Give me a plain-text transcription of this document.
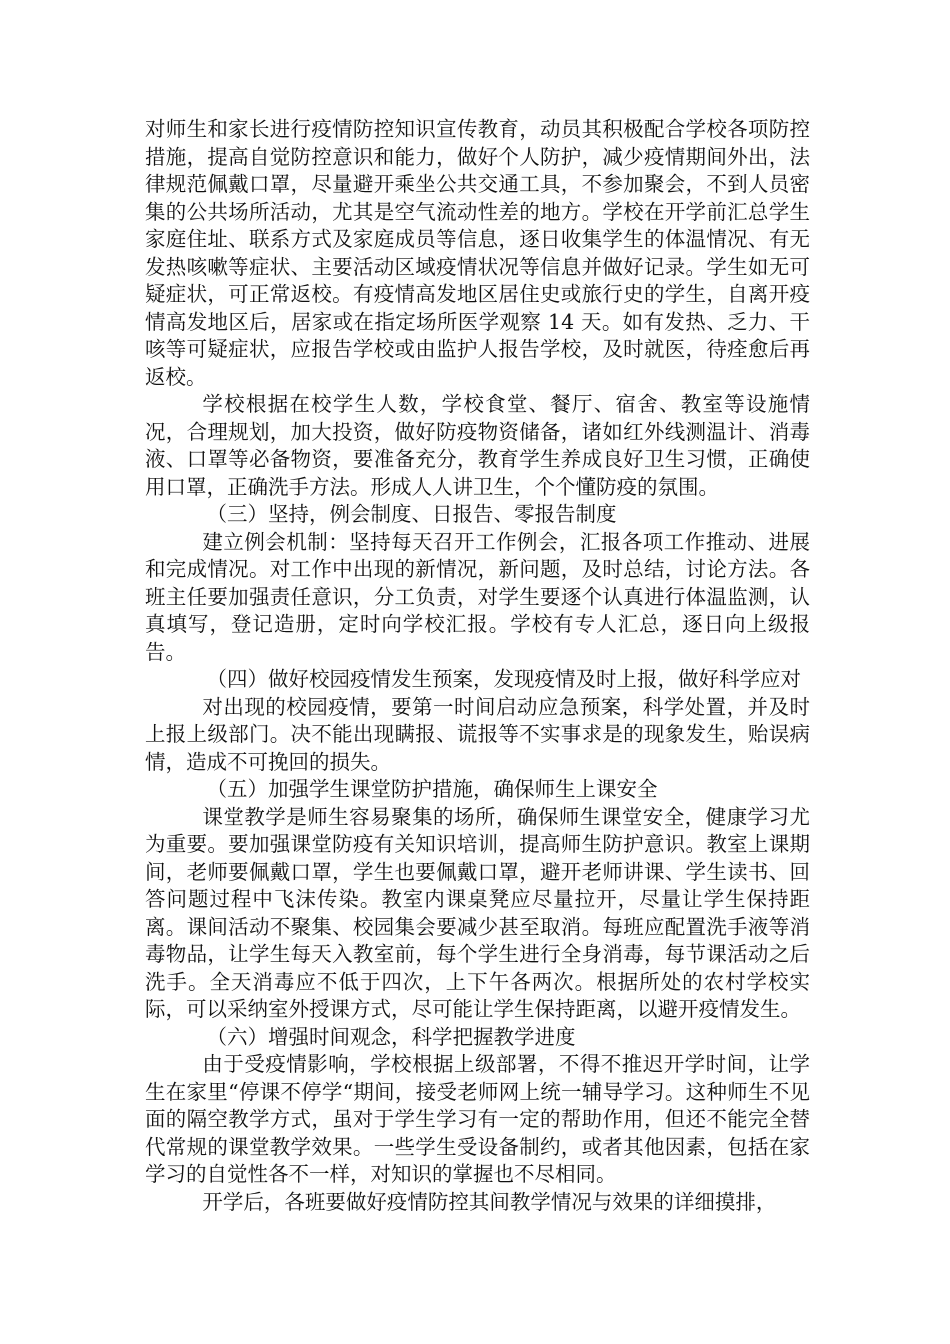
对师生和家长进行疫情防控知识宣传教育，动员其积极配合学校各项防控措施，提高自觉防控意识和能力，做好个人防护，减少疫情期间外出，法律规范佩戴口罩，尽量避开乘坐公共交通工具，不参加聚会，不到人员密集的公共场所活动，尤其是空气流动性差的地方。学校在开学前汇总学生家庭住址、联系方式及家庭成员等信息，逐日收集学生的体温情况、有无发热咳嗽等症状、主要活动区域疫情状况等信息并做好记录。学生如无可疑症状，可正常返校。有疫情高发地区居住史或旅行史的学生，自离开疫情高发地区后，居家或在指定场所医学观察 14 天。如有发热、乏力、干咳等可疑症状，应报告学校或由监护人报告学校，及时就医，待痊愈后再返校。

学校根据在校学生人数，学校食堂、餐厅、宿舍、教室等设施情况，合理规划，加大投资，做好防疫物资储备，诸如红外线测温计、消毒液、口罩等必备物资，要准备充分，教育学生养成良好卫生习惯，正确使用口罩，正确洗手方法。形成人人讲卫生，个个懂防疫的氛围。

（三）坚持，例会制度、日报告、零报告制度

建立例会机制：坚持每天召开工作例会，汇报各项工作推动、进展和完成情况。对工作中出现的新情况，新问题，及时总结，讨论方法。各班主任要加强责任意识，分工负责，对学生要逐个认真进行体温监测，认真填写，登记造册，定时向学校汇报。学校有专人汇总，逐日向上级报告。

（四）做好校园疫情发生预案，发现疫情及时上报，做好科学应对

对出现的校园疫情，要第一时间启动应急预案，科学处置，并及时上报上级部门。决不能出现瞒报、谎报等不实事求是的现象发生，贻误病情，造成不可挽回的损失。

（五）加强学生课堂防护措施，确保师生上课安全

课堂教学是师生容易聚集的场所，确保师生课堂安全，健康学习尤为重要。要加强课堂防疫有关知识培训，提高师生防护意识。教室上课期间，老师要佩戴口罩，学生也要佩戴口罩，避开老师讲课、学生读书、回答问题过程中飞沫传染。教室内课桌凳应尽量拉开，尽量让学生保持距离。课间活动不聚集、校园集会要减少甚至取消。每班应配置洗手液等消毒物品，让学生每天入教室前，每个学生进行全身消毒，每节课活动之后洗手。全天消毒应不低于四次，上下午各两次。根据所处的农村学校实际，可以采纳室外授课方式，尽可能让学生保持距离，以避开疫情发生。

（六）增强时间观念，科学把握教学进度

由于受疫情影响，学校根据上级部署，不得不推迟开学时间，让学生在家里“停课不停学“期间，接受老师网上统一辅导学习。这种师生不见面的隔空教学方式，虽对于学生学习有一定的帮助作用，但还不能完全替代常规的课堂教学效果。一些学生受设备制约，或者其他因素，包括在家学习的自觉性各不一样，对知识的掌握也不尽相同。

开学后，各班要做好疫情防控其间教学情况与效果的详细摸排，
